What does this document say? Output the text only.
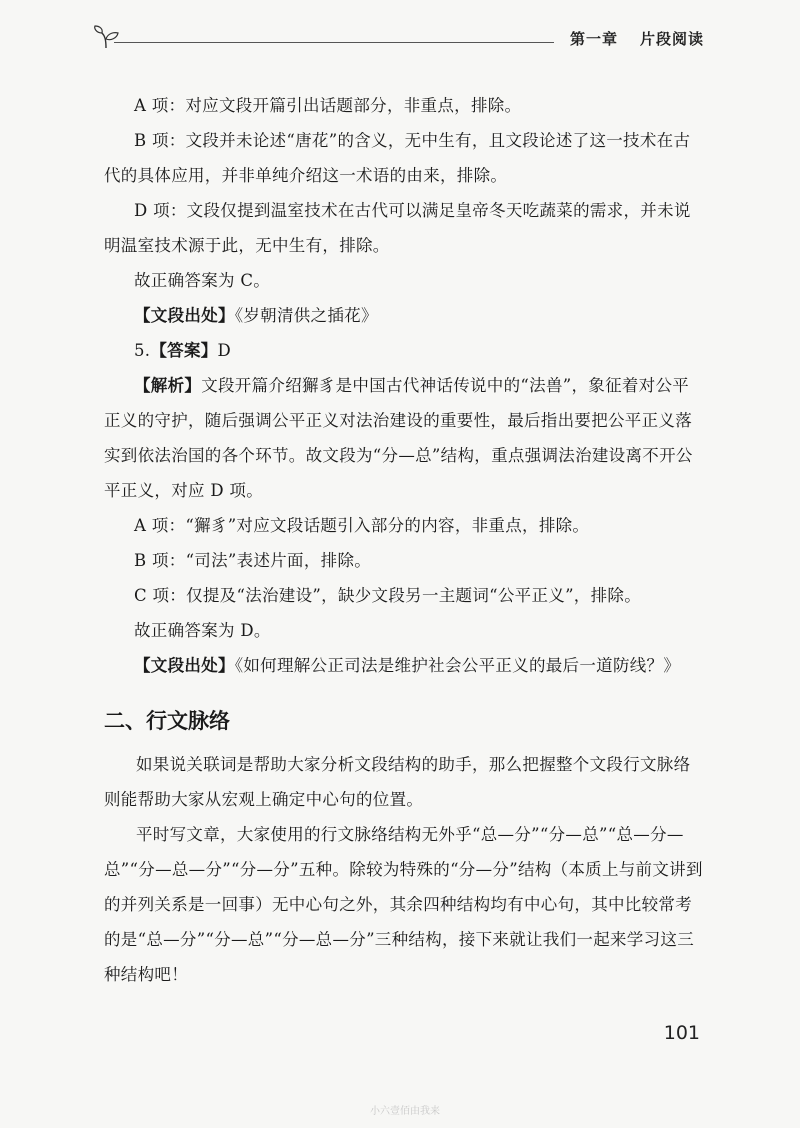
第一章 片段阅读

A 项：对应文段开篇引出话题部分，非重点，排除。

B 项：文段并未论述“唐花”的含义，无中生有，且文段论述了这一技术在古代的具体应用，并非单纯介绍这一术语的由来，排除。

D 项：文段仅提到温室技术在古代可以满足皇帝冬天吃蔬菜的需求，并未说明温室技术源于此，无中生有，排除。

故正确答案为 C。

【文段出处】《岁朝清供之插花》

5.【答案】D

【解析】文段开篇介绍獬豸是中国古代神话传说中的“法兽”，象征着对公平正义的守护，随后强调公平正义对法治建设的重要性，最后指出要把公平正义落实到依法治国的各个环节。故文段为“分—总”结构，重点强调法治建设离不开公平正义，对应 D 项。

A 项：“獬豸”对应文段话题引入部分的内容，非重点，排除。

B 项：“司法”表述片面，排除。

C 项：仅提及“法治建设”，缺少文段另一主题词“公平正义”，排除。

故正确答案为 D。

【文段出处】《如何理解公正司法是维护社会公平正义的最后一道防线？》

二、行文脉络

如果说关联词是帮助大家分析文段结构的助手，那么把握整个文段行文脉络则能帮助大家从宏观上确定中心句的位置。

平时写文章，大家使用的行文脉络结构无外乎“总—分”“分—总”“总—分—总”“分—总—分”“分—分”五种。除较为特殊的“分—分”结构（本质上与前文讲到的并列关系是一回事）无中心句之外，其余四种结构均有中心句，其中比较常考的是“总—分”“分—总”“分—总—分”三种结构，接下来就让我们一起来学习这三种结构吧！

101
小六壹佰由我来
